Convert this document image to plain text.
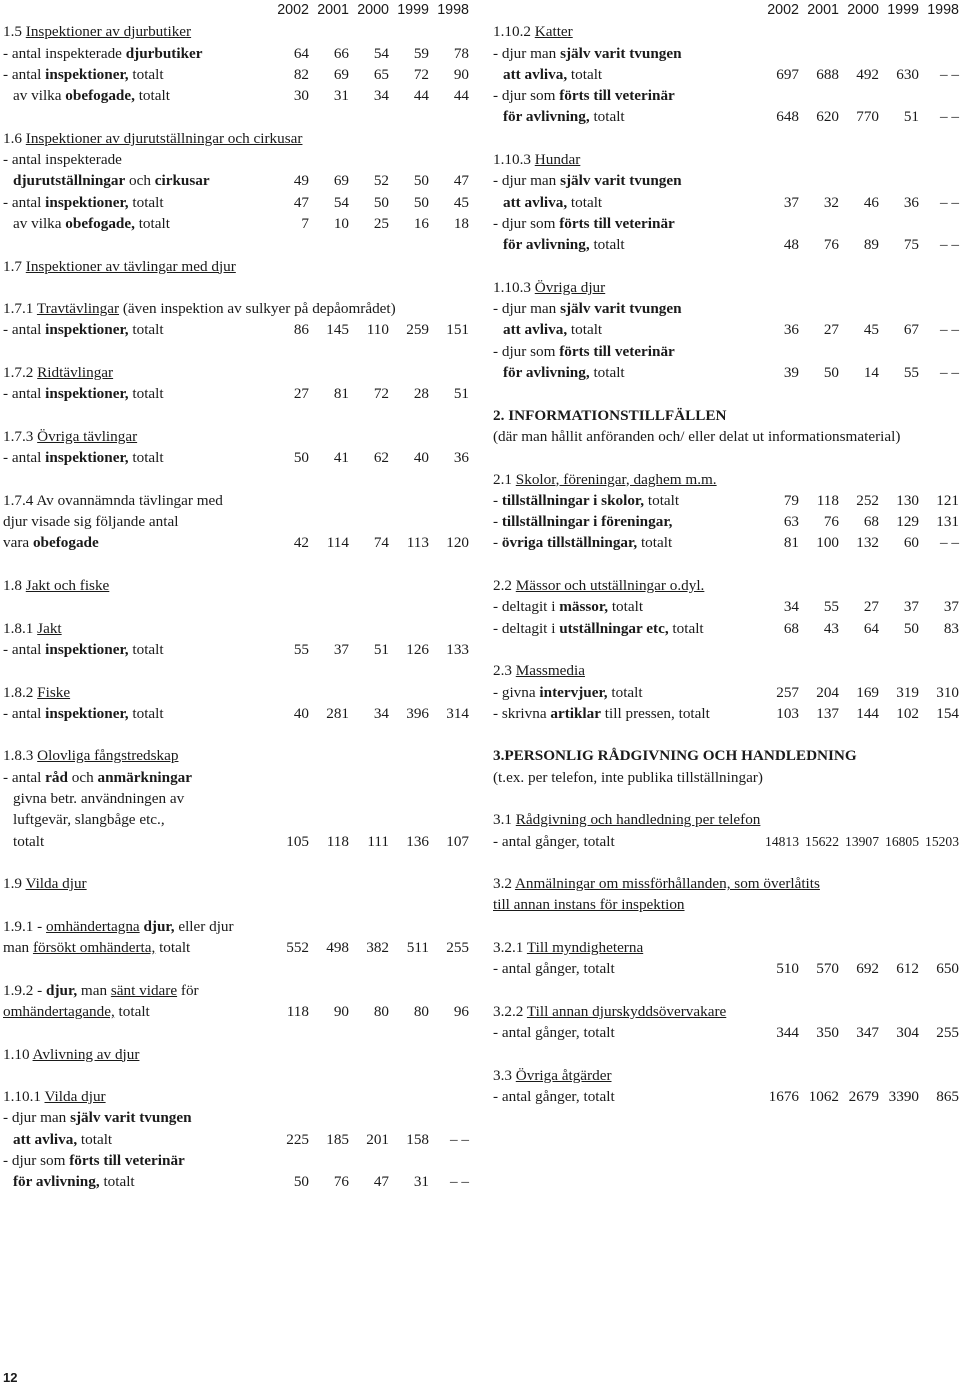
2002 2001 2000 1999 1998
1.5 Inspektioner av djurbutiker
- antal inspekterade djurbutiker	64	66	54	59	78
- antal inspektioner, totalt	82	69	65	72	90
av vilka obefogade, totalt	30	31	34	44	44
1.6 Inspektioner av djurutställningar och cirkusar
- antal inspekterade
djurutställningar och cirkusar	49	69	52	50	47
- antal inspektioner, totalt	47	54	50	50	45
av vilka obefogade, totalt	7	10	25	16	18
1.7 Inspektioner av tävlingar med djur
1.7.1 Travtävlingar (även inspektion av sulkyer på depåområdet)
- antal inspektioner, totalt	86	145	110	259	151
1.7.2 Ridtävlingar
- antal inspektioner, totalt	27	81	72	28	51
1.7.3 Övriga tävlingar
- antal inspektioner, totalt	50	41	62	40	36
1.7.4 Av ovannämnda tävlingar med
djur visade sig följande antal
vara obefogade	42	114	74	113	120
1.8 Jakt och fiske
1.8.1 Jakt
- antal inspektioner, totalt	55	37	51	126	133
1.8.2 Fiske
- antal inspektioner, totalt	40	281	34	396	314
1.8.3 Olovliga fångstredskap
- antal råd och anmärkningar
givna betr. användningen av
luftgevär, slangbåge etc.,
totalt	105	118	111	136	107
1.9 Vilda djur
1.9.1 - omhändertagna djur, eller djur
man försökt omhänderta, totalt	552	498	382	511	255
1.9.2 - djur, man sänt vidare för
omhändertagande, totalt	118	90	80	80	96
1.10 Avlivning av djur
1.10.1 Vilda djur
- djur man själv varit tvungen
att avliva, totalt	225	185	201	158	– –
- djur som förts till veterinär
för avlivning, totalt	50	76	47	31	– –
2002 2001 2000 1999 1998
1.10.2 Katter
- djur man själv varit tvungen
att avliva, totalt	697	688	492	630	– –
- djur som förts till veterinär
för avlivning, totalt	648	620	770	51	– –
1.10.3 Hundar
- djur man själv varit tvungen
att avliva, totalt	37	32	46	36	– –
- djur som förts till veterinär
för avlivning, totalt	48	76	89	75	– –
1.10.3 Övriga djur
- djur man själv varit tvungen
att avliva, totalt	36	27	45	67	– –
- djur som förts till veterinär
för avlivning, totalt	39	50	14	55	– –
2. INFORMATIONSTILLFÄLLEN
(där man hållit anföranden och/ eller delat ut informationsmaterial)
2.1 Skolor, föreningar, daghem m.m.
- tillställningar i skolor, totalt	79	118	252	130	121
- tillställningar i föreningar,	63	76	68	129	131
- övriga tillställningar, totalt	81	100	132	60	– –
2.2 Mässor och utställningar o.dyl.
- deltagit i mässor, totalt	34	55	27	37	37
- deltagit i utställningar etc, totalt	68	43	64	50	83
2.3 Massmedia
- givna intervjuer, totalt	257	204	169	319	310
- skrivna artiklar till pressen, totalt	103	137	144	102	154
3.PERSONLIG RÅDGIVNING OCH HANDLEDNING
(t.ex. per telefon, inte publika tillställningar)
3.1 Rådgivning och handledning per telefon
- antal gånger, totalt	14813 15622 13907 16805 15203
3.2 Anmälningar om missförhållanden, som överlåtits
till annan instans för inspektion
3.2.1 Till myndigheterna
- antal gånger, totalt	510	570	692	612	650
3.2.2 Till annan djurskyddsövervakare
- antal gånger, totalt	344	350	347	304	255
3.3 Övriga åtgärder
- antal gånger, totalt	1676 1062 2679 3390	865
12
